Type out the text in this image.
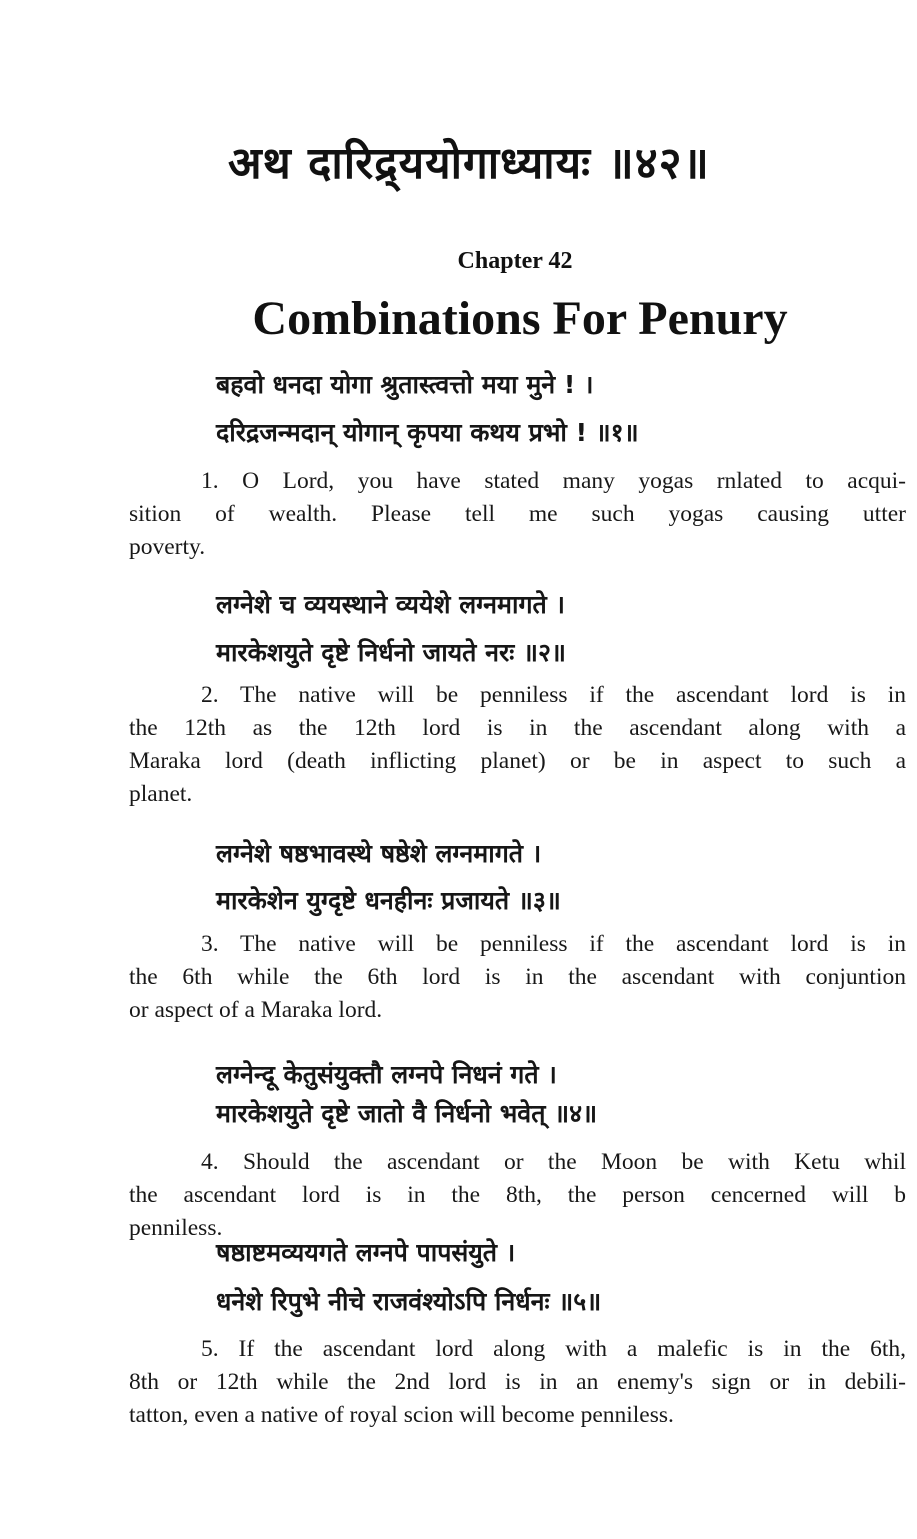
अथ दारिद्र्ययोगाध्यायः ॥४२॥
Chapter 42
Combinations For Penury
बहवो धनदा योगा श्रुतास्त्वत्तो मया मुने ! ।
दरिद्रजन्मदान् योगान् कृपया कथय प्रभो ! ॥१॥
1. O Lord, you have stated many yogas rnlated to acqui-
sition of wealth. Please tell me such yogas causing utter
poverty.
लग्नेशे च व्ययस्थाने व्ययेशे लग्नमागते ।
मारकेशयुते दृष्टे निर्धनो जायते नरः ॥२॥
2. The native will be penniless if the ascendant lord is in
the 12th as the 12th lord is in the ascendant along with a
Maraka lord (death inflicting planet) or be in aspect to such a
planet.
लग्नेशे षष्ठभावस्थे षष्ठेशे लग्नमागते ।
मारकेशेन युग्दृष्टे धनहीनः प्रजायते ॥३॥
3. The native will be penniless if the ascendant lord is in
the 6th while the 6th lord is in the ascendant with conjuntion
or aspect of a Maraka lord.
लग्नेन्दू केतुसंयुक्तौ लग्नपे निधनं गते ।
मारकेशयुते दृष्टे जातो वै निर्धनो भवेत् ॥४॥
4. Should the ascendant or the Moon be with Ketu whil
the ascendant lord is in the 8th, the person cencerned will b
penniless.
षष्ठाष्टमव्ययगते लग्नपे पापसंयुते ।
धनेशे रिपुभे नीचे राजवंश्योऽपि निर्धनः ॥५॥
5. If the ascendant lord along with a malefic is in the 6th,
8th or 12th while the 2nd lord is in an enemy's sign or in debili-
tatton, even a native of royal scion will become penniless.
